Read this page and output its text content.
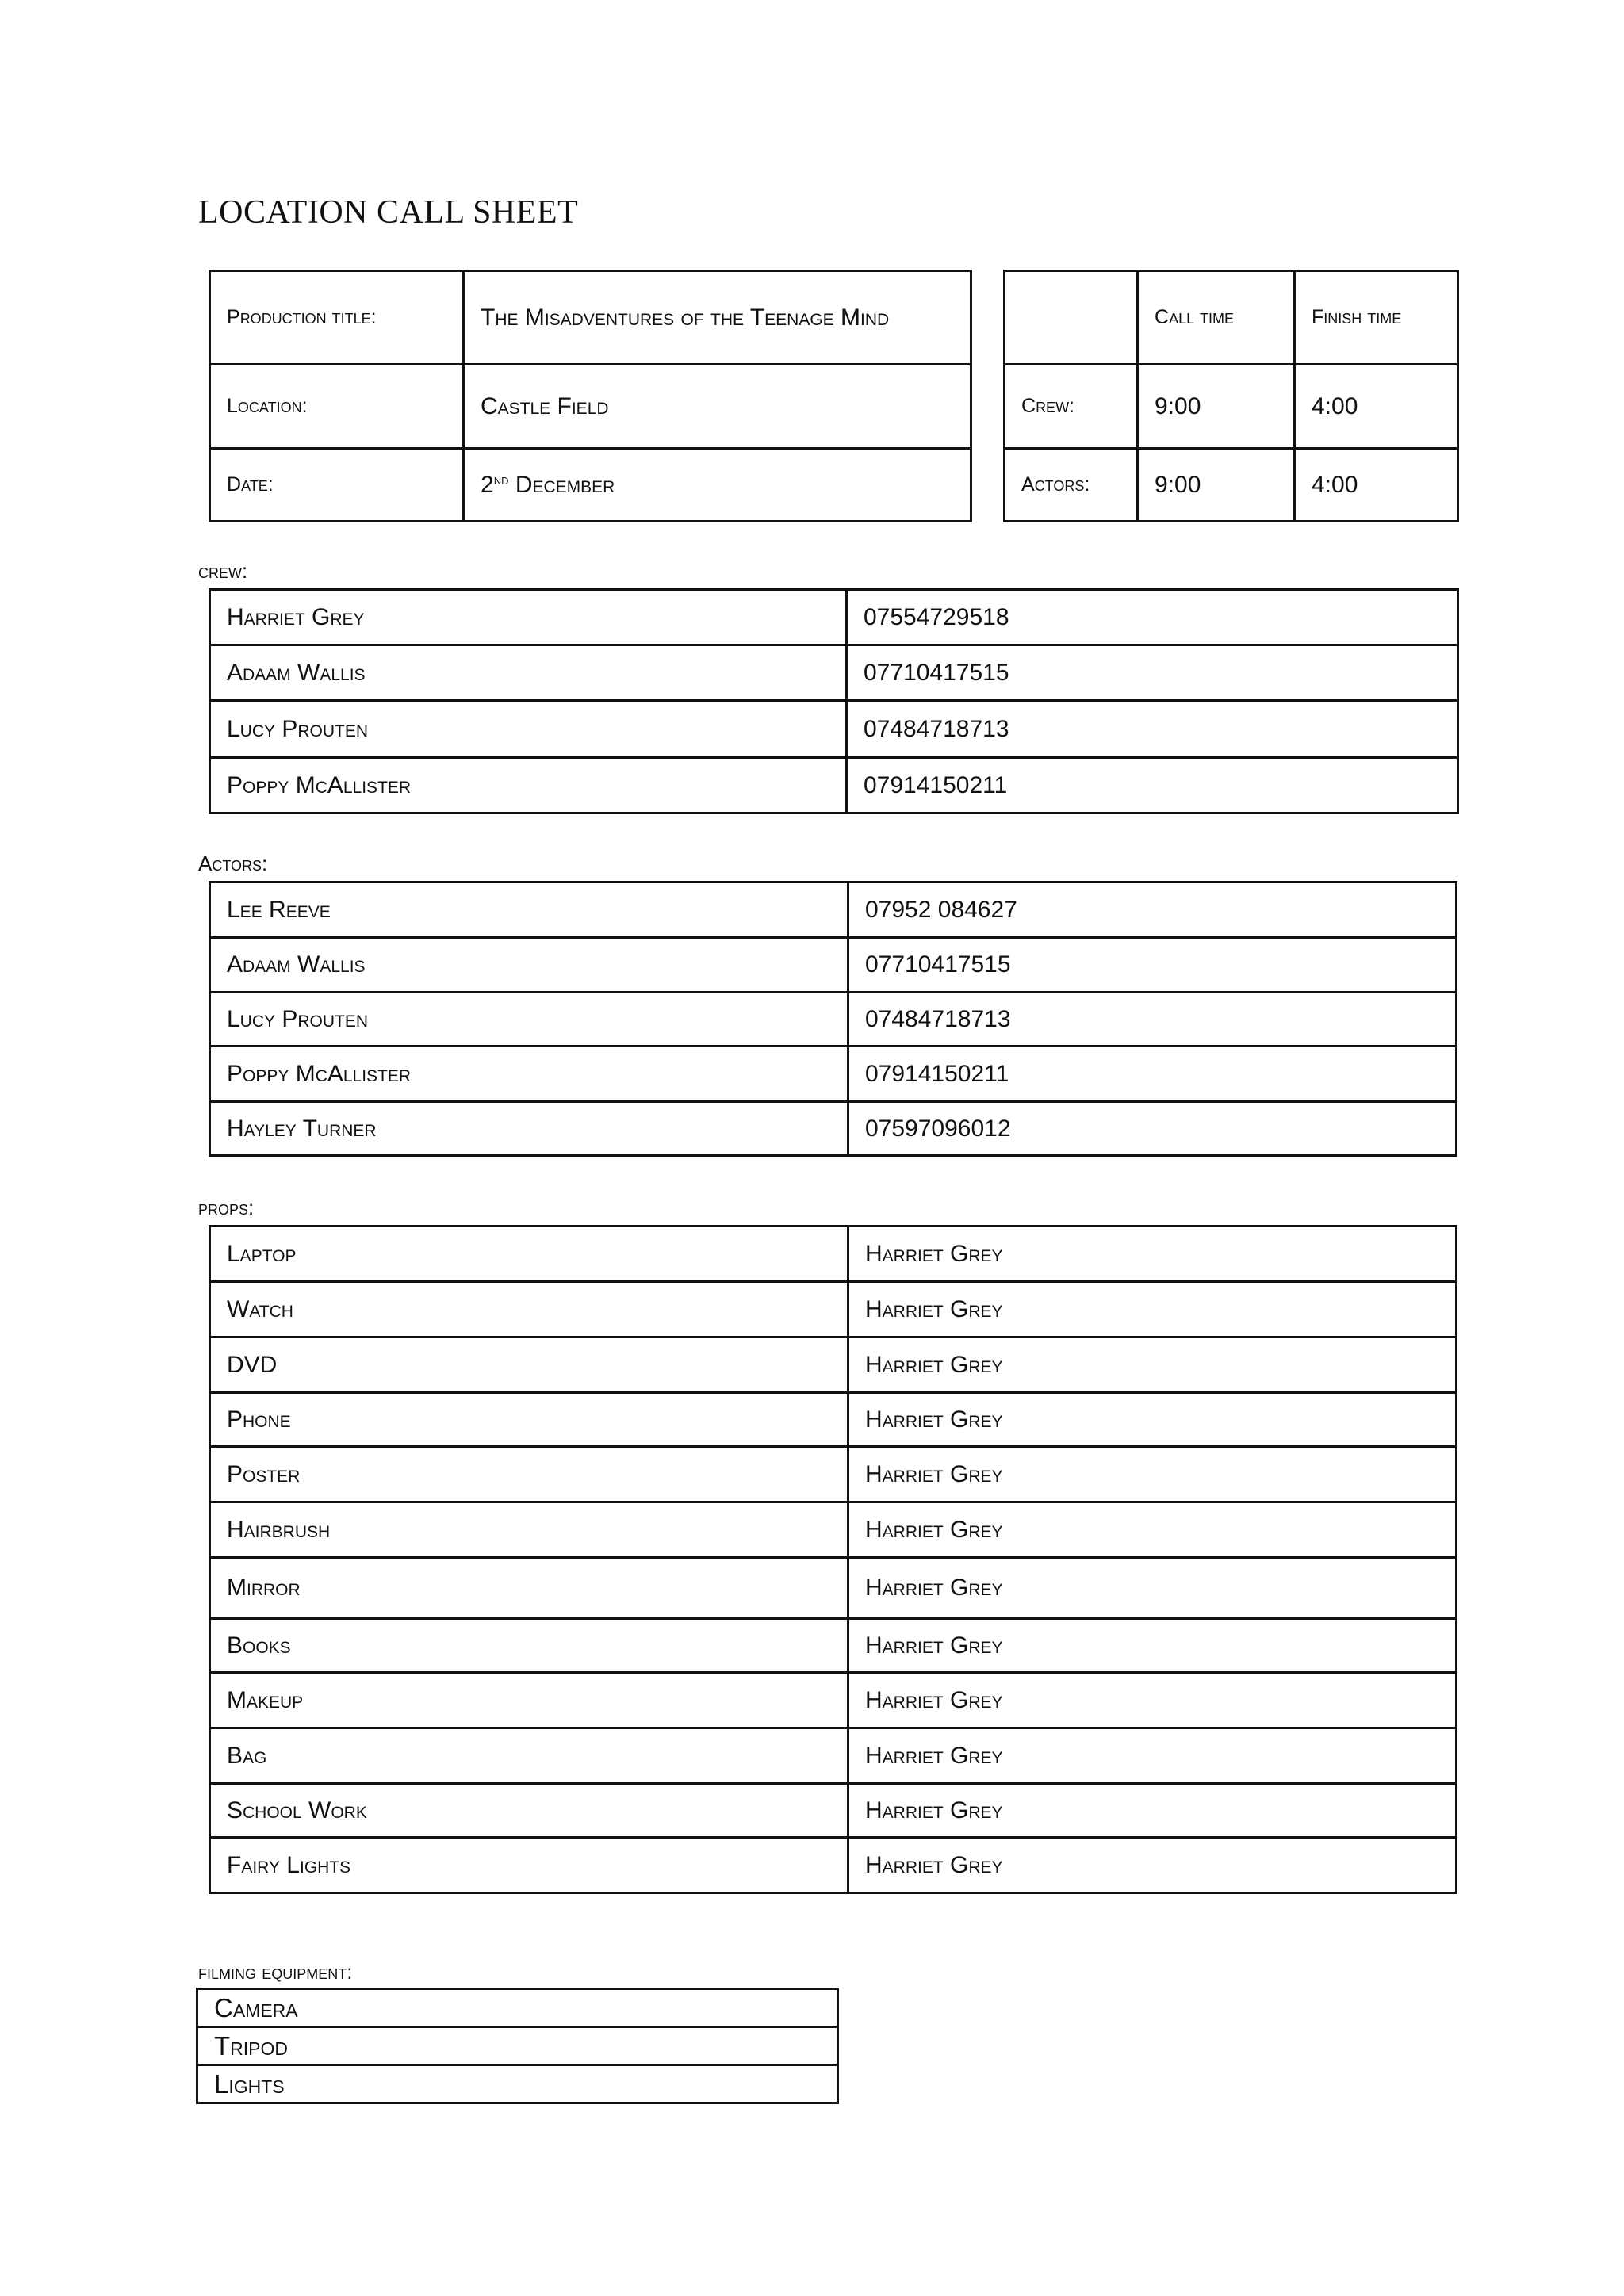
LOCATION CALL SHEET
Production title:	The Misadventures of the Teenage Mind
Location:	Castle Field
Date:	2nd December
	Call time	finish time
Crew:	9:00	4:00
Actors:	9:00	4:00
crew:
Harriet Grey	07554729518
Adaam Wallis	07710417515
Lucy Prouten	07484718713
Poppy McAllister	07914150211
Actors:
Lee Reeve	07952 084627
Adaam Wallis	07710417515
Lucy Prouten	07484718713
Poppy McAllister	07914150211
Hayley Turner	07597096012
props:
Laptop	Harriet Grey
Watch	Harriet Grey
DVD	Harriet Grey
Phone	Harriet Grey
Poster	Harriet Grey
Hairbrush	Harriet Grey
Mirror	Harriet Grey
Books	Harriet Grey
Makeup	Harriet Grey
Bag	Harriet Grey
School Work	Harriet Grey
Fairy Lights	Harriet Grey
filming equipment:
Camera
Tripod
Lights
